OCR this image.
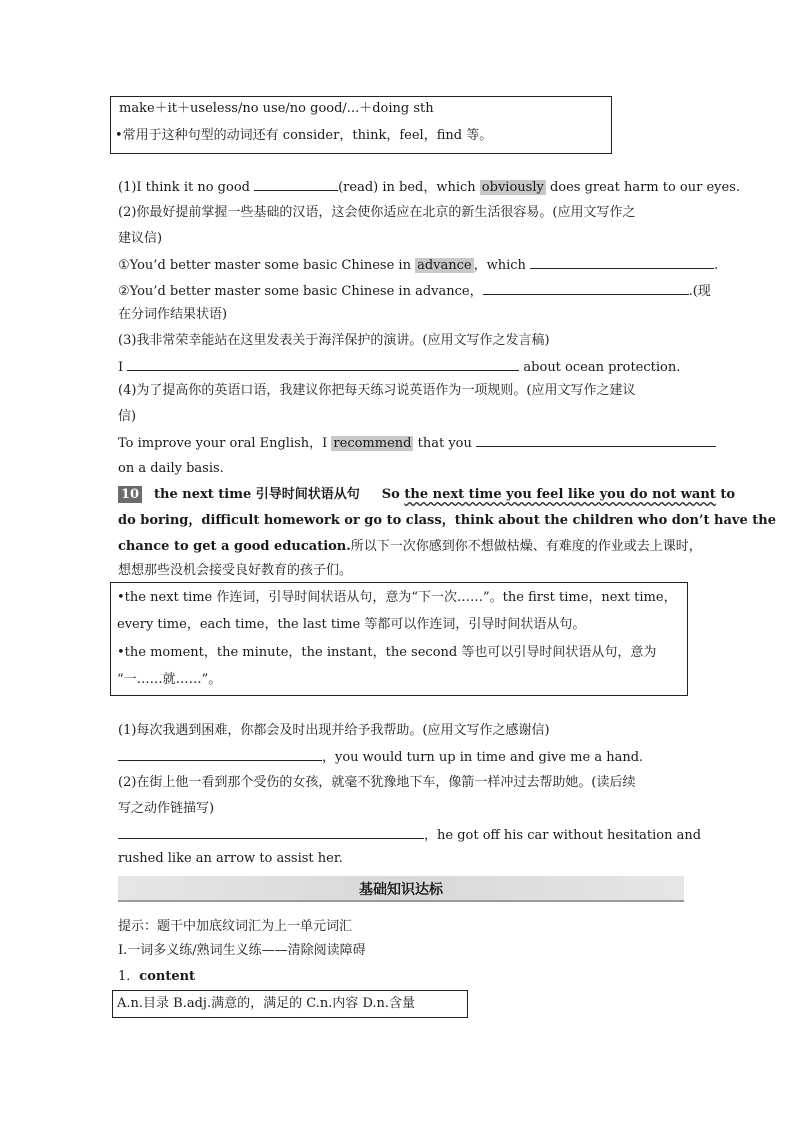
make＋it＋useless/no use/no good/...＋doing sth
•常用于这种句型的动词还有 consider，think，feel，find 等。
(1)I think it no good	(read) in bed，which obviously does great harm to our eyes.
(2)你最好提前掌握一些基础的汉语，这会使你适应在北京的新生活很容易。(应用文写作之
建议信)
①You’d better master some basic Chinese in advance ，which	.
②You’d better master some basic Chinese in advance，	.(现
在分词作结果状语)
(3)我非常荣幸能站在这里发表关于海洋保护的演讲。(应用文写作之发言稿)
I	about ocean protection.
(4)为了提高你的英语口语，我建议你把每天练习说英语作为一项规则。(应用文写作之建议
信)
To improve your oral English，I recommend that you
on a daily basis.
10 the next time 引导时间状语从句 So the next time you feel like you do not want to
do boring，difficult homework or go to class，think about the children who don’t have the
chance to get a good education.所以下一次你感到你不想做枯燥、有难度的作业或去上课时，
想想那些没机会接受良好教育的孩子们。
•the next time 作连词，引导时间状语从句，意为“下一次……”。the first time，next time，
every time，each time，the last time 等都可以作连词，引导时间状语从句。
•the moment，the minute，the instant，the second 等也可以引导时间状语从句，意为
“一……就……”。
(1)每次我遇到困难，你都会及时出现并给予我帮助。(应用文写作之感谢信)
，you would turn up in time and give me a hand.
(2)在街上他一看到那个受伤的女孩，就毫不犹豫地下车，像箭一样冲过去帮助她。(读后续
写之动作链描写)
，he got off his car without hesitation and
rushed like an arrow to assist her.
基础知识达标
提示：题干中加底纹词汇为上一单元词汇
Ⅰ.一词多义练/熟词生义练——清除阅读障碍
1．content
A.n.目录 B.adj.满意的，满足的 C.n.内容 D.n.含量
